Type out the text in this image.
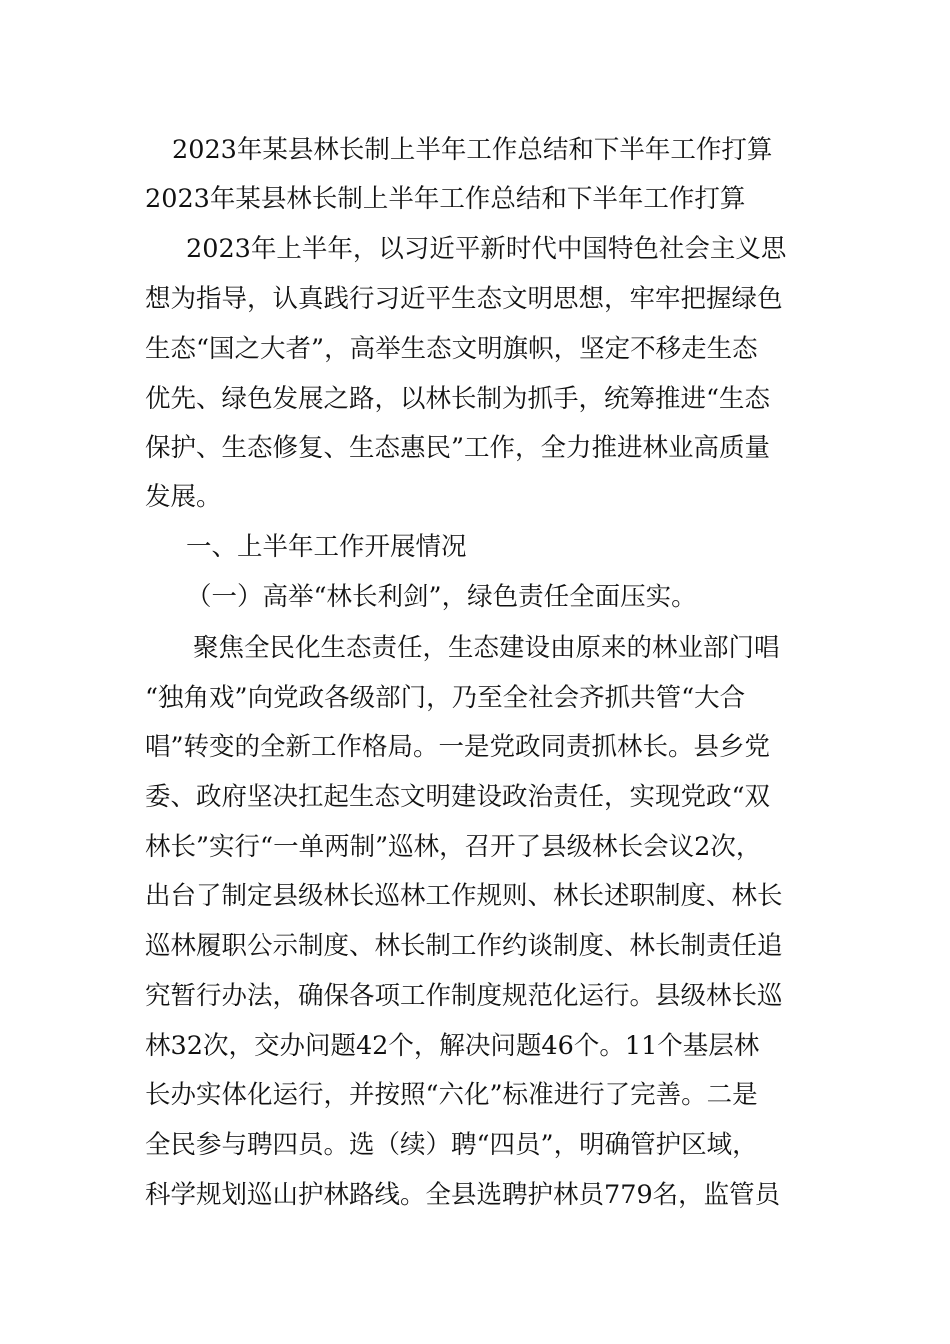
2023年某县林长制上半年工作总结和下半年工作打算
2023年某县林长制上半年工作总结和下半年工作打算
2023年上半年，以习近平新时代中国特色社会主义思
想为指导，认真践行习近平生态文明思想，牢牢把握绿色
生态“国之大者”，高举生态文明旗帜，坚定不移走生态
优先、绿色发展之路，以林长制为抓手，统筹推进“生态
保护、生态修复、生态惠民”工作，全力推进林业高质量
发展。
一、上半年工作开展情况
（一）高举“林长利剑”，绿色责任全面压实。
聚焦全民化生态责任，生态建设由原来的林业部门唱
“独角戏”向党政各级部门，乃至全社会齐抓共管“大合
唱”转变的全新工作格局。一是党政同责抓林长。县乡党
委、政府坚决扛起生态文明建设政治责任，实现党政“双
林长”实行“一单两制”巡林，召开了县级林长会议2次，
出台了制定县级林长巡林工作规则、林长述职制度、林长
巡林履职公示制度、林长制工作约谈制度、林长制责任追
究暂行办法，确保各项工作制度规范化运行。县级林长巡
林32次，交办问题42个，解决问题46个。11个基层林
长办实体化运行，并按照“六化”标准进行了完善。二是
全民参与聘四员。选（续）聘“四员”，明确管护区域，
科学规划巡山护林路线。全县选聘护林员779名，监管员
